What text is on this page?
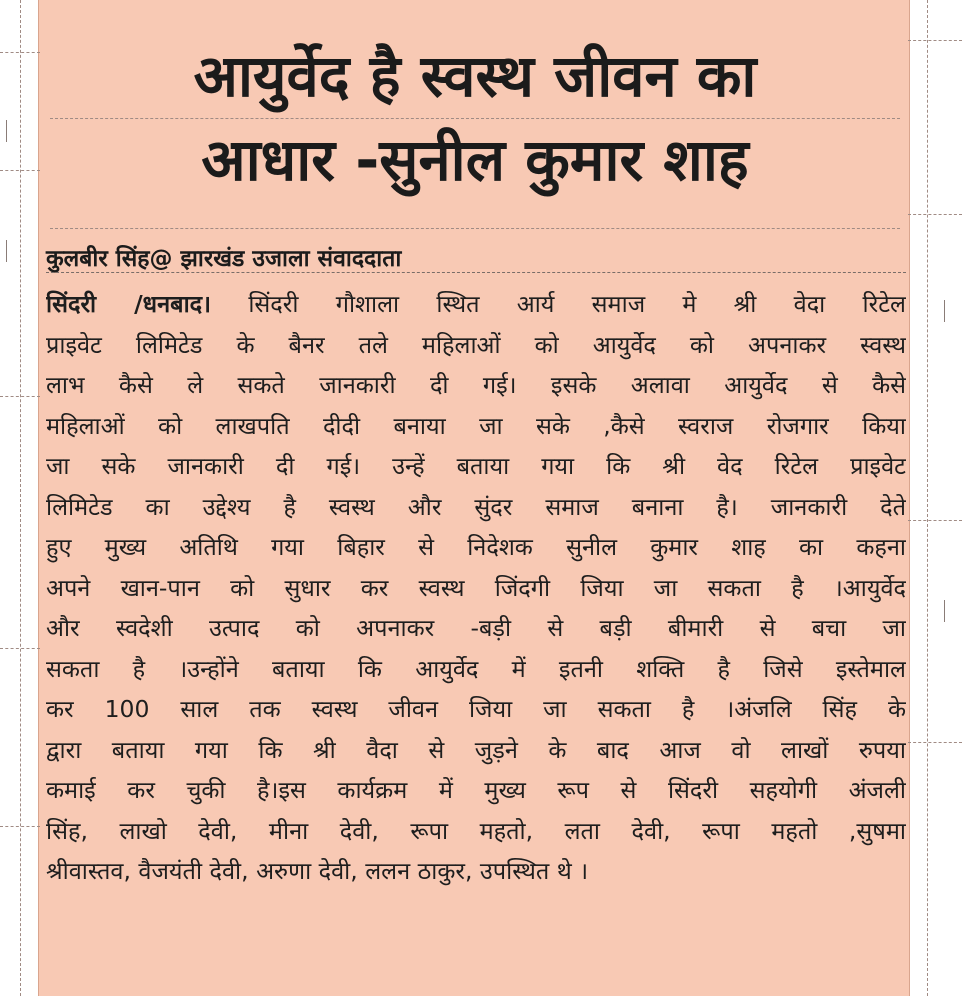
आयुर्वेद है स्वस्थ जीवन का
आधार -सुनील कुमार शाह
कुलबीर सिंह@ झारखंड उजाला संवाददाता
सिंदरी /धनबाद। सिंदरी गौशाला स्थित आर्य समाज मे श्री वेदा रिटेल
प्राइवेट लिमिटेड के बैनर तले महिलाओं को आयुर्वेद को अपनाकर स्वस्थ
लाभ कैसे ले सकते जानकारी दी गई। इसके अलावा आयुर्वेद से कैसे
महिलाओं को लाखपति दीदी बनाया जा सके ,कैसे स्वराज रोजगार किया
जा सके जानकारी दी गई। उन्हें बताया गया कि श्री वेद रिटेल प्राइवेट
लिमिटेड का उद्देश्य है स्वस्थ और सुंदर समाज बनाना है। जानकारी देते
हुए मुख्य अतिथि गया बिहार से निदेशक सुनील कुमार शाह का कहना
अपने खान-पान को सुधार कर स्वस्थ जिंदगी जिया जा सकता है ।आयुर्वेद
और स्वदेशी उत्पाद को अपनाकर -बड़ी से बड़ी बीमारी से बचा जा
सकता है ।उन्होंने बताया कि आयुर्वेद में इतनी शक्ति है जिसे इस्तेमाल
कर 100 साल तक स्वस्थ जीवन जिया जा सकता है ।अंजलि सिंह के
द्वारा बताया गया कि श्री वैदा से जुड़ने के बाद आज वो लाखों रुपया
कमाई कर चुकी है।इस कार्यक्रम में मुख्य रूप से सिंदरी सहयोगी अंजली
सिंह, लाखो देवी, मीना देवी, रूपा महतो, लता देवी, रूपा महतो ,सुषमा
श्रीवास्तव, वैजयंती देवी, अरुणा देवी, ललन ठाकुर, उपस्थित थे ।
